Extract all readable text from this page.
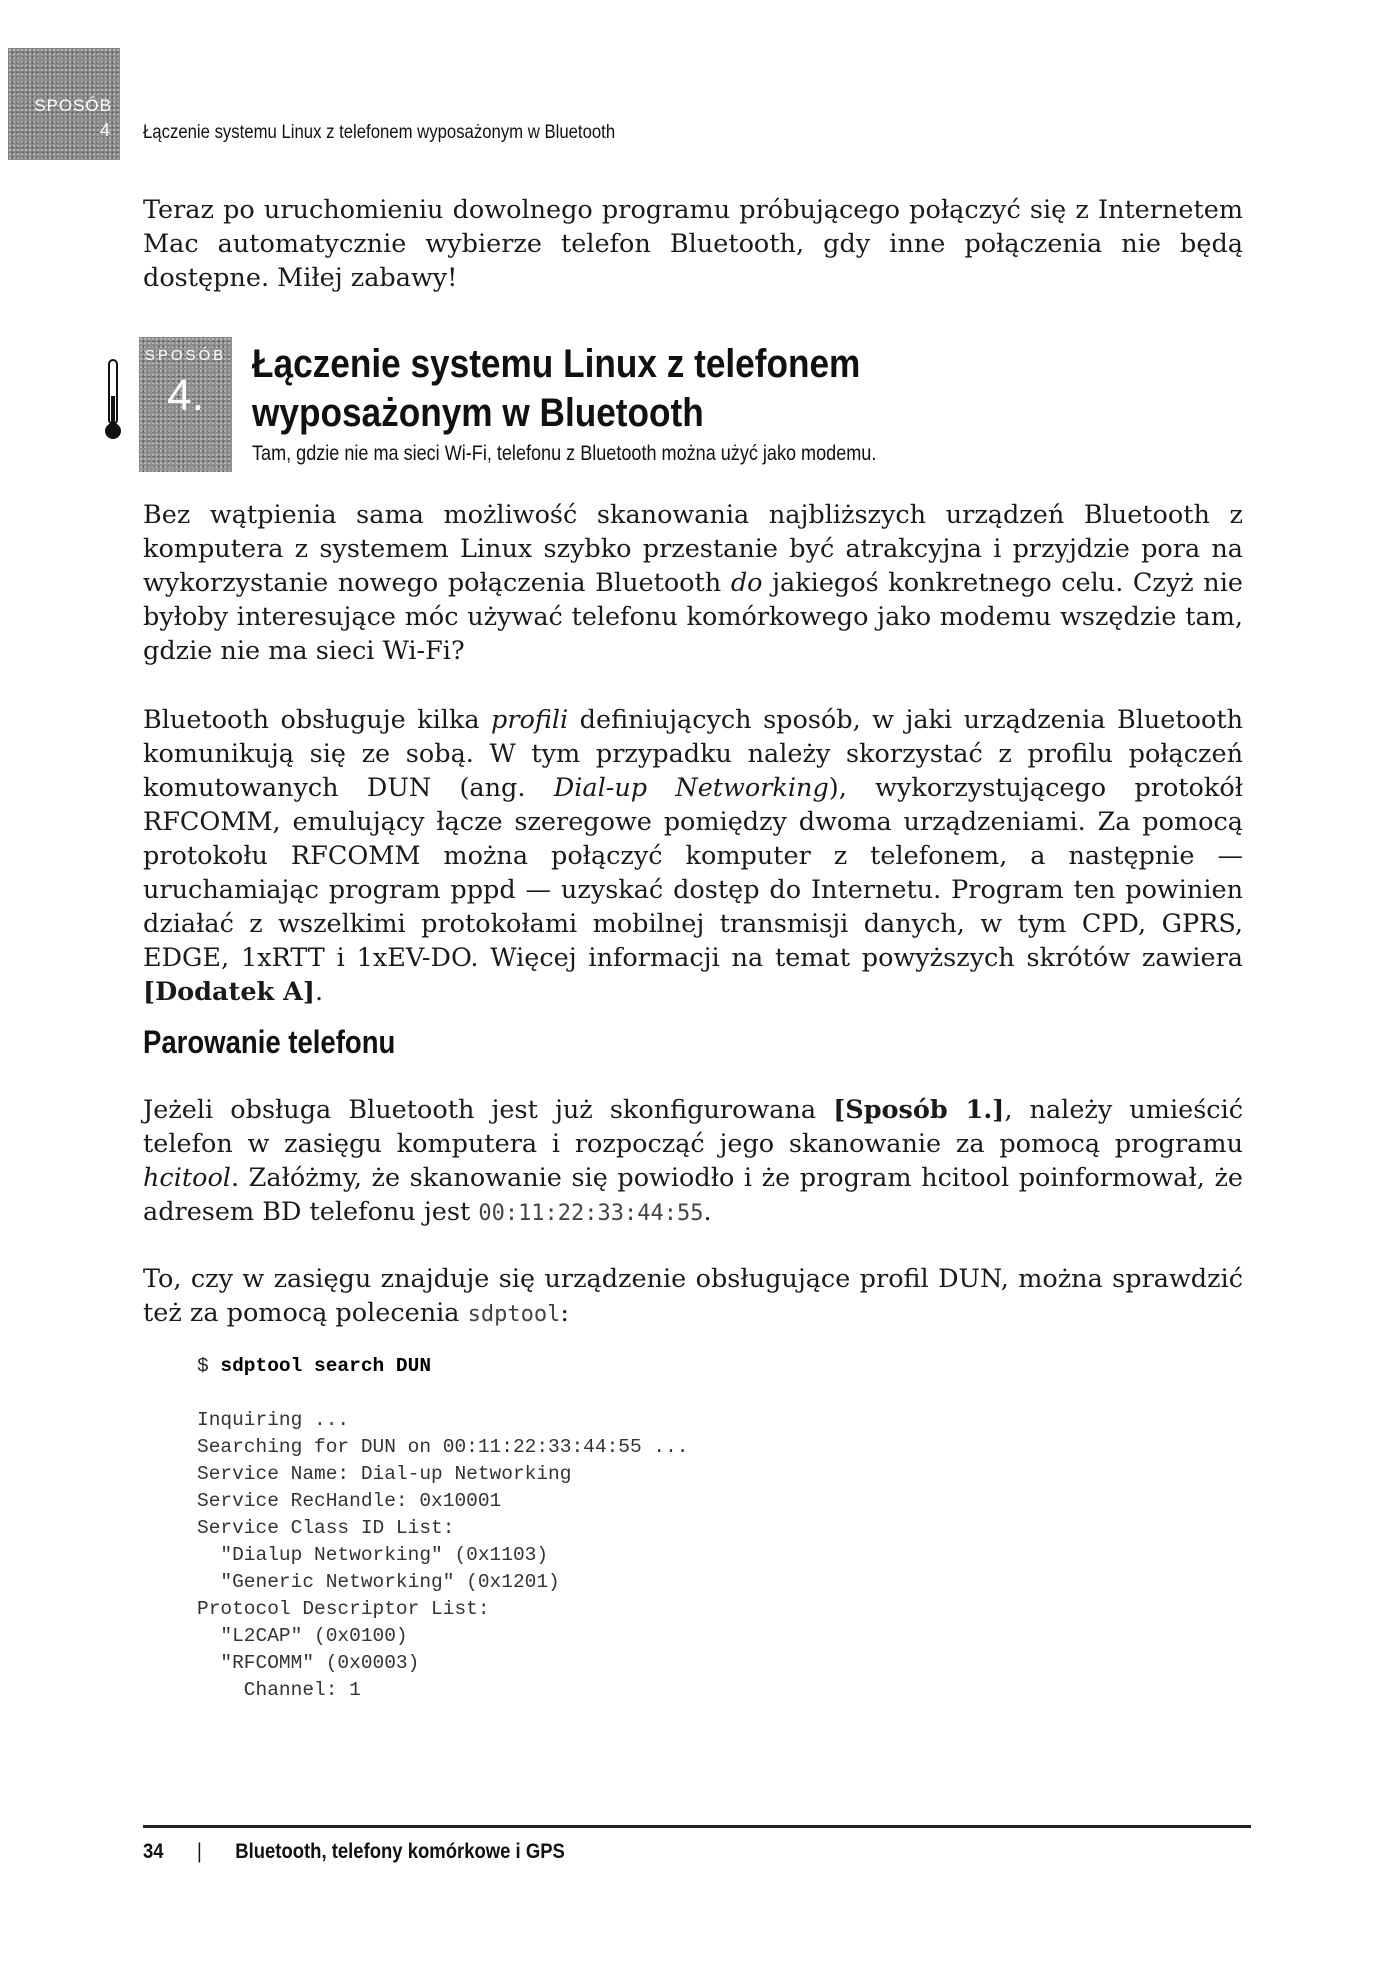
SPOSÓB
4 Łączenie systemu Linux z telefonem wyposażonym w Bluetooth

Teraz po uruchomieniu dowolnego programu próbującego połączyć się z Internetem Mac automatycznie wybierze telefon Bluetooth, gdy inne połączenia nie będą dostępne. Miłej zabawy!

SPOSÓB
4.
Łączenie systemu Linux z telefonem
wyposażonym w Bluetooth
Tam, gdzie nie ma sieci Wi-Fi, telefonu z Bluetooth można użyć jako modemu.

Bez wątpienia sama możliwość skanowania najbliższych urządzeń Bluetooth z komputera z systemem Linux szybko przestanie być atrakcyjna i przyjdzie pora na wykorzystanie nowego połączenia Bluetooth do jakiegoś konkretnego celu. Czyż nie byłoby interesujące móc używać telefonu komórkowego jako modemu wszędzie tam, gdzie nie ma sieci Wi-Fi?

Bluetooth obsługuje kilka profili definiujących sposób, w jaki urządzenia Bluetooth komunikują się ze sobą. W tym przypadku należy skorzystać z profilu połączeń komutowanych DUN (ang. Dial-up Networking), wykorzystującego protokół RFCOMM, emulujący łącze szeregowe pomiędzy dwoma urządzeniami. Za pomocą protokołu RFCOMM można połączyć komputer z telefonem, a następnie — uruchamiając program pppd — uzyskać dostęp do Internetu. Program ten powinien działać z wszelkimi protokołami mobilnej transmisji danych, w tym CPD, GPRS, EDGE, 1xRTT i 1xEV-DO. Więcej informacji na temat powyższych skrótów zawiera [Dodatek A].

Parowanie telefonu

Jeżeli obsługa Bluetooth jest już skonfigurowana [Sposób 1.], należy umieścić telefon w zasięgu komputera i rozpocząć jego skanowanie za pomocą programu hcitool. Załóżmy, że skanowanie się powiodło i że program hcitool poinformował, że adresem BD telefonu jest 00:11:22:33:44:55.

To, czy w zasięgu znajduje się urządzenie obsługujące profil DUN, można sprawdzić też za pomocą polecenia sdptool:

$ sdptool search DUN
Inquiring ...
Searching for DUN on 00:11:22:33:44:55 ...
Service Name: Dial-up Networking
Service RecHandle: 0x10001
Service Class ID List:
"Dialup Networking" (0x1103)
"Generic Networking" (0x1201)
Protocol Descriptor List:
"L2CAP" (0x0100)
"RFCOMM" (0x0003)
Channel: 1
34 | Bluetooth, telefony komórkowe i GPS
